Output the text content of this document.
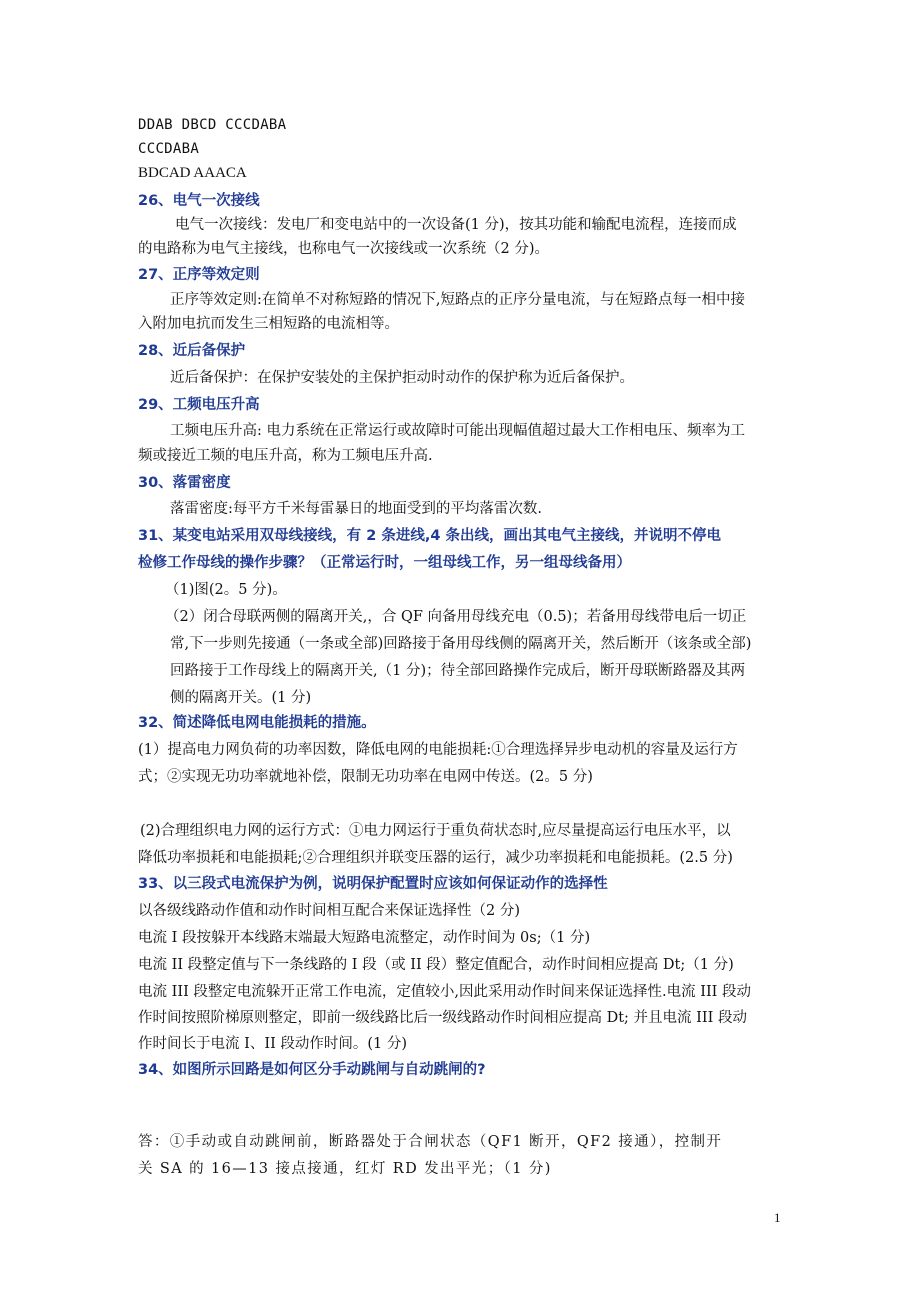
DDAB DBCD CCCDABA
CCCDABA
BDCAD AAACA
26、电气一次接线
电气一次接线：发电厂和变电站中的一次设备(1 分)，按其功能和输配电流程，连接而成
的电路称为电气主接线，也称电气一次接线或一次系统（2 分)。
27、正序等效定则
正序等效定则:在简单不对称短路的情况下,短路点的正序分量电流，与在短路点每一相中接
入附加电抗而发生三相短路的电流相等。
28、近后备保护
近后备保护：在保护安装处的主保护拒动时动作的保护称为近后备保护。
29、工频电压升高
工频电压升高: 电力系统在正常运行或故障时可能出现幅值超过最大工作相电压、频率为工
频或接近工频的电压升高，称为工频电压升高.
30、落雷密度
落雷密度:每平方千米每雷暴日的地面受到的平均落雷次数.
31、某变电站采用双母线接线，有 2 条进线,4 条出线，画出其电气主接线，并说明不停电
检修工作母线的操作步骤？（正常运行时，一组母线工作，另一组母线备用）
（1)图(2。5 分)。
（2）闭合母联两侧的隔离开关,，合 QF 向备用母线充电（0.5)；若备用母线带电后一切正
常,下一步则先接通（一条或全部)回路接于备用母线侧的隔离开关，然后断开（该条或全部)
回路接于工作母线上的隔离开关,（1 分)；待全部回路操作完成后，断开母联断路器及其两
侧的隔离开关。(1 分)
32、简述降低电网电能损耗的措施。
(1）提高电力网负荷的功率因数，降低电网的电能损耗:①合理选择异步电动机的容量及运行方
式；②实现无功功率就地补偿，限制无功功率在电网中传送。(2。5 分)
(2)合理组织电力网的运行方式：①电力网运行于重负荷状态时,应尽量提高运行电压水平，以
降低功率损耗和电能损耗;②合理组织并联变压器的运行，减少功率损耗和电能损耗。(2.5 分)
33、以三段式电流保护为例，说明保护配置时应该如何保证动作的选择性
以各级线路动作值和动作时间相互配合来保证选择性（2 分)
电流 I 段按躲开本线路末端最大短路电流整定，动作时间为 0s;（1 分)
电流 II 段整定值与下一条线路的 I 段（或 II 段）整定值配合，动作时间相应提高 Dt;（1 分)
电流 III 段整定电流躲开正常工作电流，定值较小,因此采用动作时间来保证选择性.电流 III 段动
作时间按照阶梯原则整定，即前一级线路比后一级线路动作时间相应提高 Dt; 并且电流 III 段动
作时间长于电流 I、II 段动作时间。(1 分)
34、如图所示回路是如何区分手动跳闸与自动跳闸的?
答：①手动或自动跳闸前，断路器处于合闸状态（QF1 断开，QF2 接通），控制开
关 SA 的 16—13 接点接通，红灯 RD 发出平光；（1 分)
1
